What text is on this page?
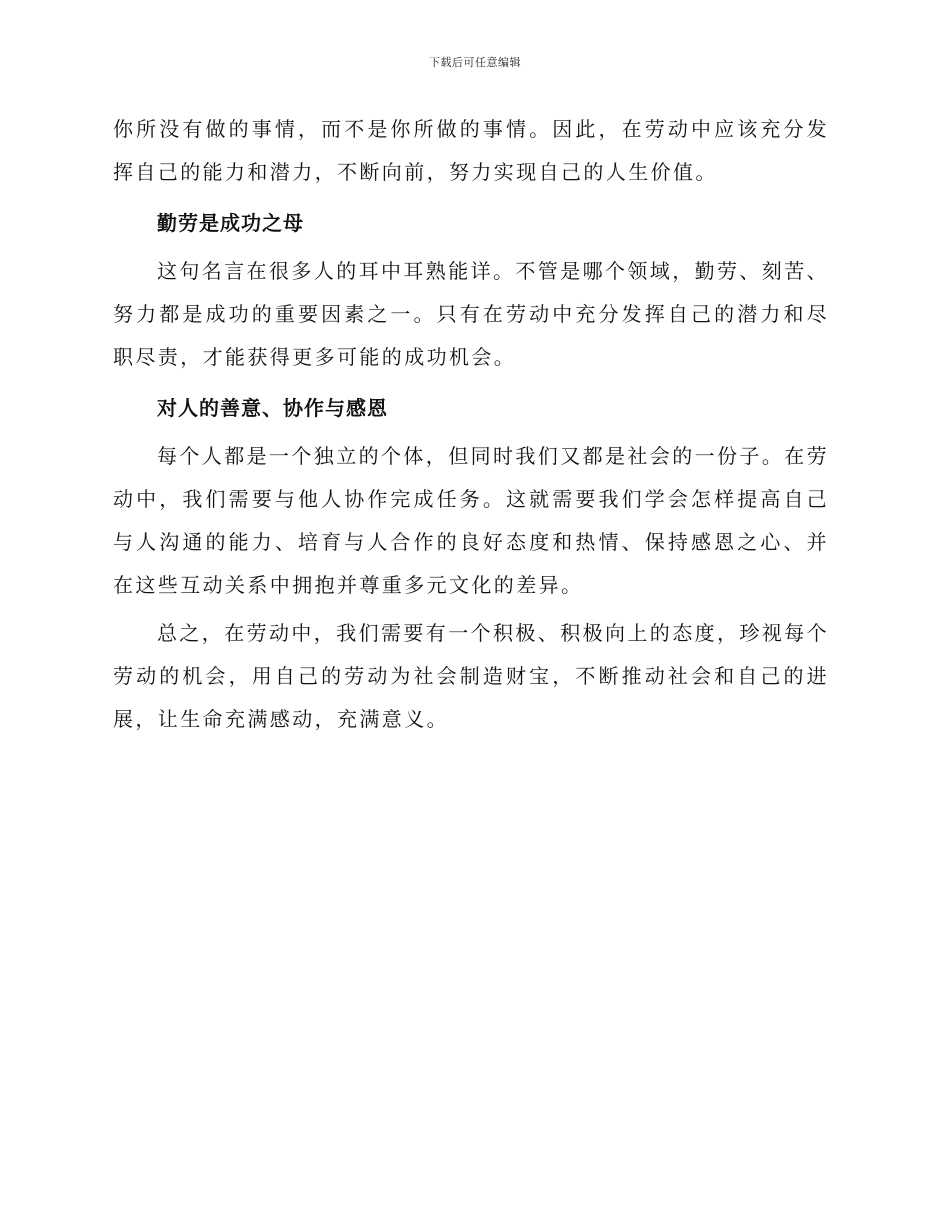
下载后可任意编辑

你所没有做的事情，而不是你所做的事情。因此，在劳动中应该充分发挥自己的能力和潜力，不断向前，努力实现自己的人生价值。

勤劳是成功之母

这句名言在很多人的耳中耳熟能详。不管是哪个领域，勤劳、刻苦、努力都是成功的重要因素之一。只有在劳动中充分发挥自己的潜力和尽职尽责，才能获得更多可能的成功机会。

对人的善意、协作与感恩

每个人都是一个独立的个体，但同时我们又都是社会的一份子。在劳动中，我们需要与他人协作完成任务。这就需要我们学会怎样提高自己与人沟通的能力、培育与人合作的良好态度和热情、保持感恩之心、并在这些互动关系中拥抱并尊重多元文化的差异。

总之，在劳动中，我们需要有一个积极、积极向上的态度，珍视每个劳动的机会，用自己的劳动为社会制造财宝，不断推动社会和自己的进展，让生命充满感动，充满意义。
